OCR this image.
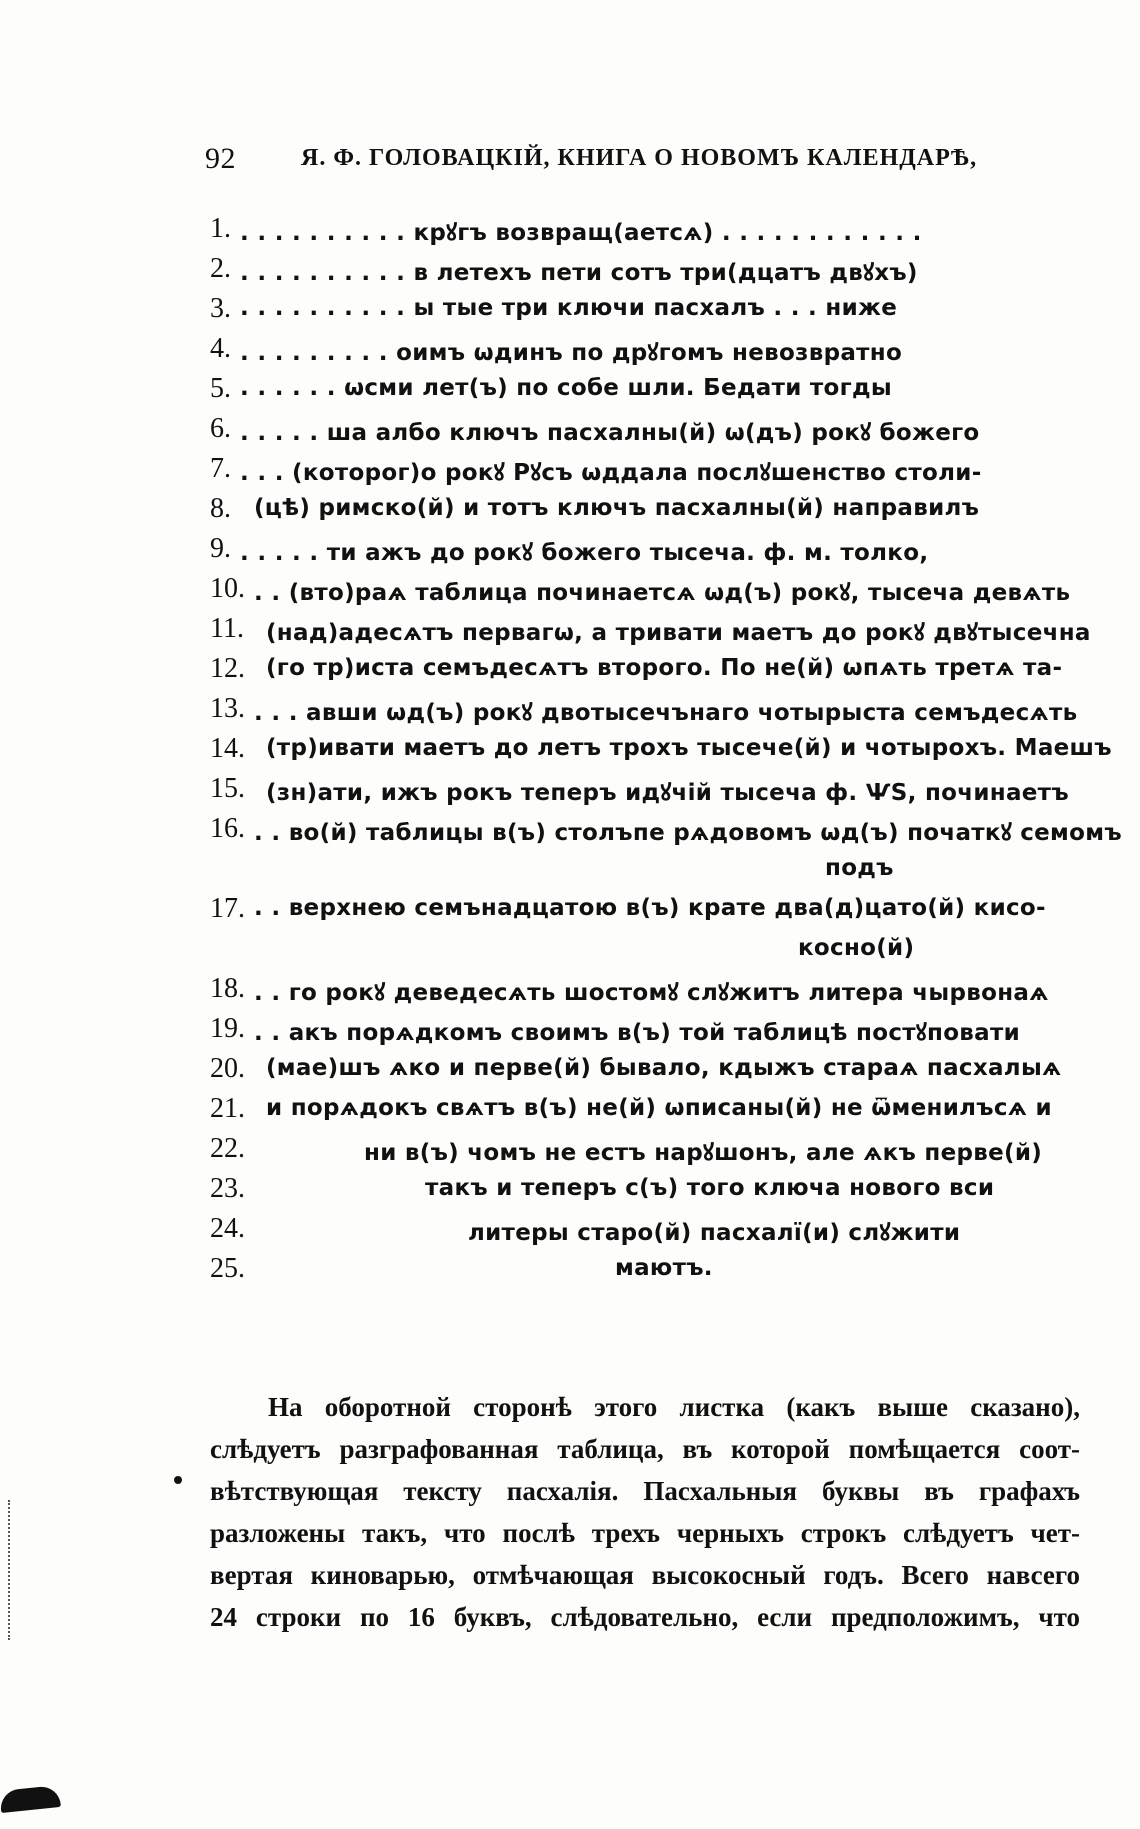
92	Я. Ф. ГОЛОВАЦКІЙ, КНИГА О НОВОМЪ КАЛЕНДАРѢ,
1. . . . . . . . . . . крꙋгъ возвращ(аетсѧ) . . . . . . . . . . . .
2. . . . . . . . . . . в летехъ пети сотъ три(дцатъ двꙋхъ)
3. . . . . . . . . . . ы тые три ключи пасхалъ . . . ниже
4. . . . . . . . . . оимъ ѡдинъ по дрꙋгомъ невозвратно
5. . . . . . . ѡсми лет(ъ) по собе шли. Бедати тогды
6. . . . . . ша албо ключъ пасхалны(й) ѡ(дъ) рокꙋ божего
7. . . . (которог)о рокꙋ Рꙋсъ ѡддала послꙋшенство столи-
8. (цѣ) римско(й) и тотъ ключъ пасхалны(й) направилъ
9. . . . . . ти ажъ до рокꙋ божего тысеча. ф. м. толко,
10. . . (вто)раѧ таблица починаетсѧ ѡд(ъ) рокꙋ, тысеча девѧть
11. (над)адесѧтъ первагѡ, а тривати маетъ до рокꙋ двꙋтысечна
12. (го тр)иста семъдесѧтъ второго. По не(й) ѡпѧть третѧ та-
13. . . . авши ѡд(ъ) рокꙋ двотысечънаго чотырыста семъдесѧть
14. (тр)ивати маетъ до летъ трохъ тысече(й) и чотырохъ. Маешъ
15. (зн)ати, ижъ рокъ теперъ идꙋчій тысеча ф. ѰS, починаетъ
16. . . во(й) таблицы в(ъ) столъпе рѧдовомъ ѡд(ъ) початкꙋ семомъ
подъ
17. . . верхнею семънадцатою в(ъ) крате два(д)цато(й) кисо-
косно(й)
18. . . го рокꙋ деведесѧть шостомꙋ слꙋжитъ литера чырвонаѧ
19. . . акъ порѧдкомъ своимъ в(ъ) той таблицѣ постꙋповати
20. (мае)шъ ѧко и перве(й) бывало, кдыжъ стараѧ пасхалыѧ
21. и порѧдокъ свѧтъ в(ъ) не(й) ѡписаны(й) не ѿменилъсѧ и
22.	ни в(ъ) чомъ не естъ нарꙋшонъ, але ѧкъ перве(й)
23.	такъ и теперъ с(ъ) того ключа нового вси
24.	литеры старо(й) пасхалї(и) слꙋжити
25.	маютъ.
На оборотной сторонѣ этого листка (какъ выше сказано),
слѣдуетъ разграфованная таблица, въ которой помѣщается соот-
вѣтствующая тексту пасхалія. Пасхальныя буквы въ графахъ
разложены такъ, что послѣ трехъ черныхъ строкъ слѣдуетъ чет-
вертая киноварью, отмѣчающая высокосный годъ. Всего навсего
24 строки по 16 буквъ, слѣдовательно, если предположимъ, что
